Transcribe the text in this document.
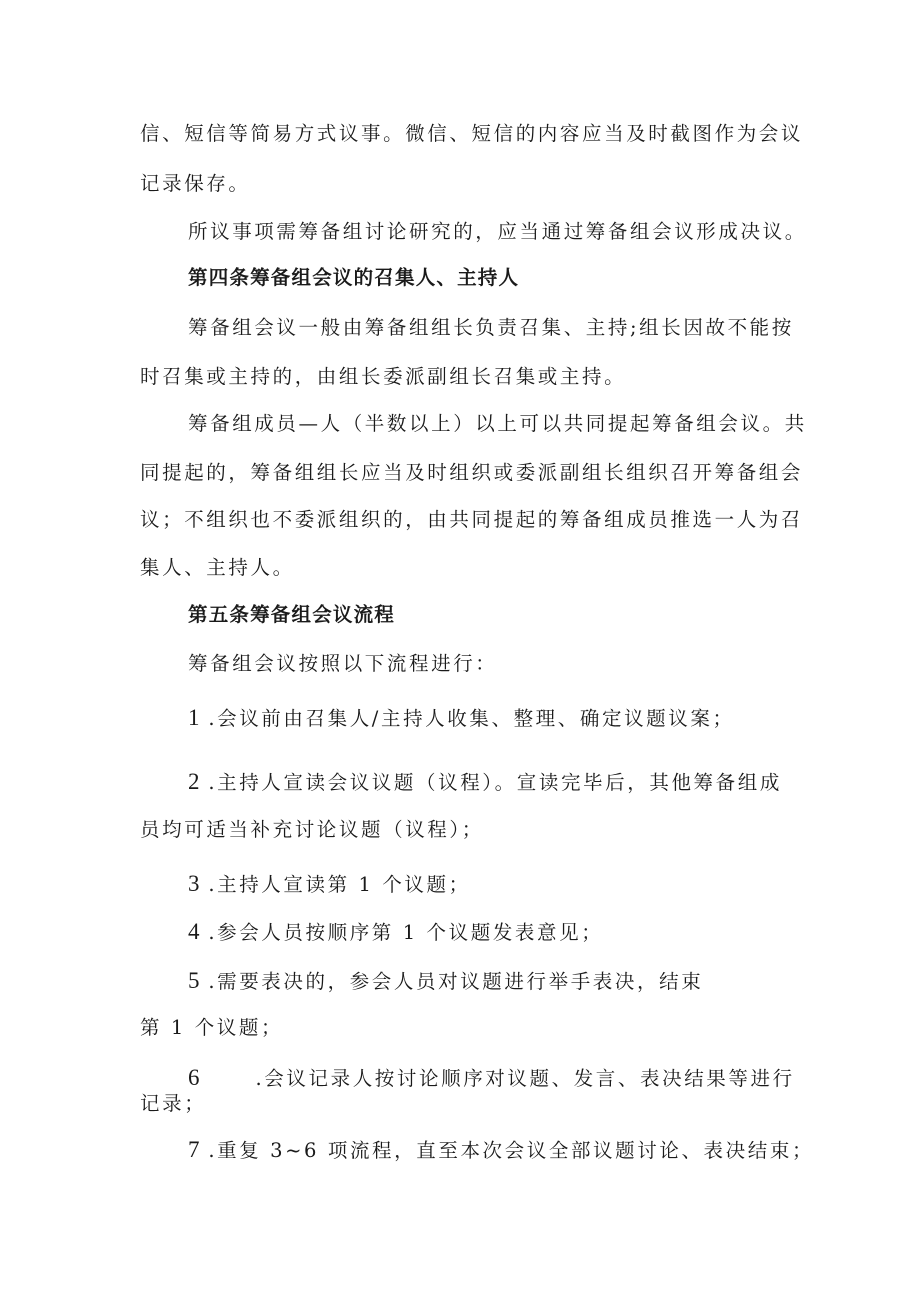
信、短信等简易方式议事。微信、短信的内容应当及时截图作为会议
记录保存。
所议事项需筹备组讨论研究的，应当通过筹备组会议形成决议。
第四条筹备组会议的召集人、主持人
筹备组会议一般由筹备组组长负责召集、主持;组长因故不能按
时召集或主持的，由组长委派副组长召集或主持。
筹备组成员—人（半数以上）以上可以共同提起筹备组会议。共
同提起的，筹备组组长应当及时组织或委派副组长组织召开筹备组会
议；不组织也不委派组织的，由共同提起的筹备组成员推选一人为召
集人、主持人。
第五条筹备组会议流程
筹备组会议按照以下流程进行：
1 .会议前由召集人/主持人收集、整理、确定议题议案；
2 .主持人宣读会议议题（议程）。宣读完毕后，其他筹备组成
员均可适当补充讨论议题（议程）；
3 .主持人宣读第 1 个议题；
4 .参会人员按顺序第 1 个议题发表意见；
5 .需要表决的，参会人员对议题进行举手表决，结束
第 1 个议题；
6	.会议记录人按讨论顺序对议题、发言、表决结果等进行
记录；
7 .重复 3~6 项流程，直至本次会议全部议题讨论、表决结束；
